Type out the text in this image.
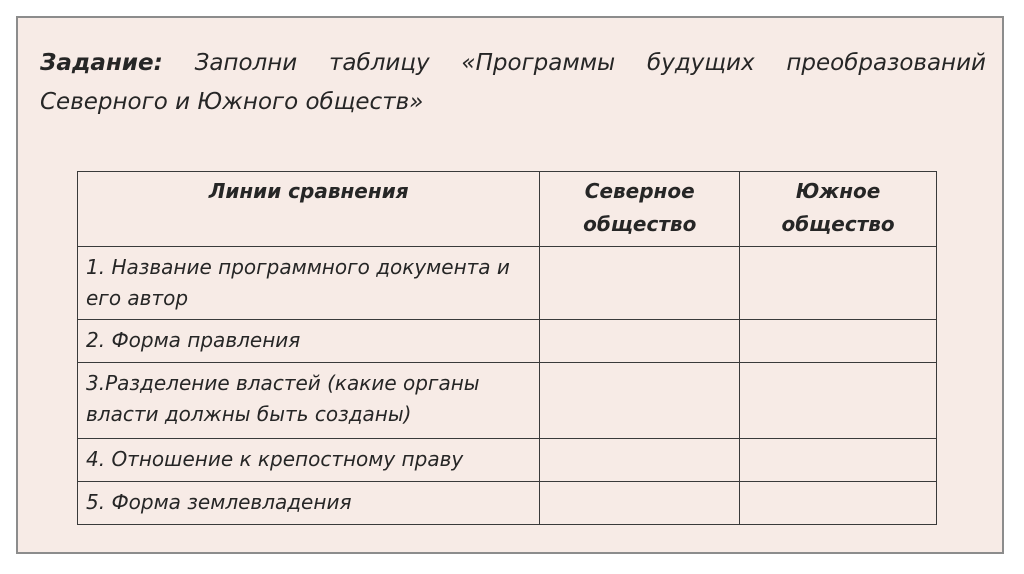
Задание: Заполни таблицу «Программы будущих преобразований Северного и Южного обществ»
Линии сравнения	Северное общество	Южное общество
1. Название программного документа и его автор		
2. Форма правления		
3.Разделение властей (какие органы власти должны быть созданы)		
4. Отношение к крепостному праву		
5. Форма землевладения		
